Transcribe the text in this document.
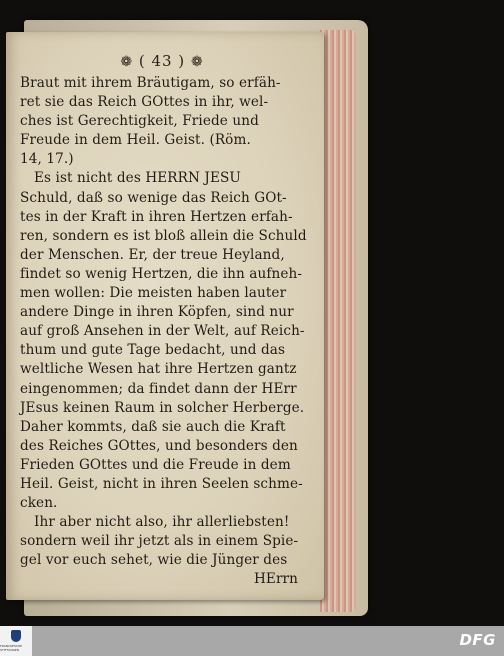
❁ ( 43 ) ❁
Braut mit ihrem Bräutigam, so erfäh-
ret sie das Reich GOttes in ihr, wel-
ches ist Gerechtigkeit, Friede und
Freude in dem Heil. Geist. (Röm.
14, 17.)
Es ist nicht des HERRN JESU
Schuld, daß so wenige das Reich GOt-
tes in der Kraft in ihren Hertzen erfah-
ren, sondern es ist bloß allein die Schuld
der Menschen. Er, der treue Heyland,
findet so wenig Hertzen, die ihn aufneh-
men wollen: Die meisten haben lauter
andere Dinge in ihren Köpfen, sind nur
auf groß Ansehen in der Welt, auf Reich-
thum und gute Tage bedacht, und das
weltliche Wesen hat ihre Hertzen gantz
eingenommen; da findet dann der HErr
JEsus keinen Raum in solcher Herberge.
Daher kommts, daß sie auch die Kraft
des Reiches GOttes, und besonders den
Frieden GOttes und die Freude in dem
Heil. Geist, nicht in ihren Seelen schme-
cken.
Ihr aber nicht also, ihr allerliebsten!
sondern weil ihr jetzt als in einem Spie-
gel vor euch sehet, wie die Jünger des
HErrn
FRANCKESCHE STIFTUNGEN
DFG
